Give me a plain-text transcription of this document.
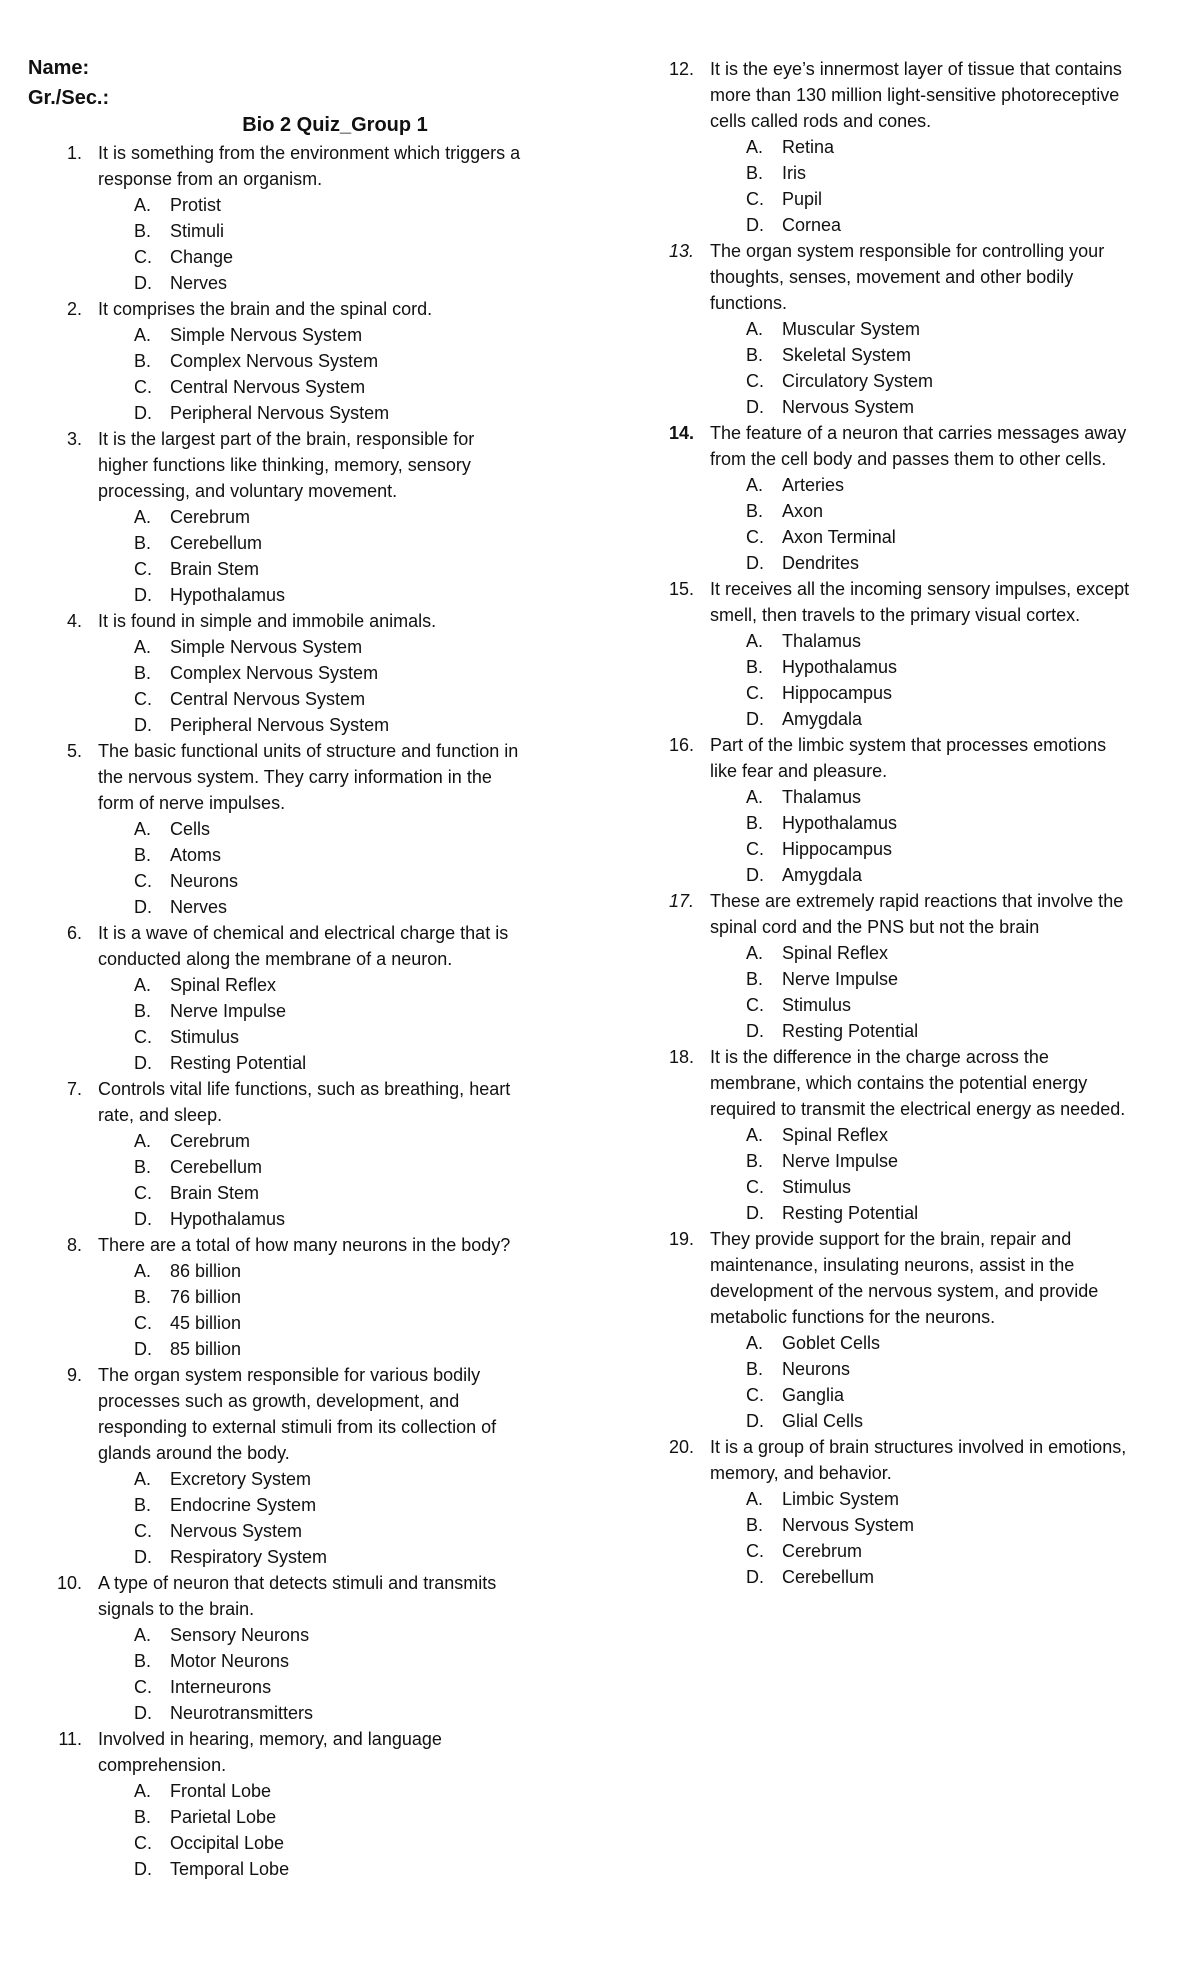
Name:
Gr./Sec.:
Bio 2 Quiz_Group 1
1. It is something from the environment which triggers a
response from an organism.
A. Protist
B. Stimuli
C. Change
D. Nerves
2. It comprises the brain and the spinal cord.
A. Simple Nervous System
B. Complex Nervous System
C. Central Nervous System
D. Peripheral Nervous System
3. It is the largest part of the brain, responsible for
higher functions like thinking, memory, sensory
processing, and voluntary movement.
A. Cerebrum
B. Cerebellum
C. Brain Stem
D. Hypothalamus
4. It is found in simple and immobile animals.
A. Simple Nervous System
B. Complex Nervous System
C. Central Nervous System
D. Peripheral Nervous System
5. The basic functional units of structure and function in
the nervous system. They carry information in the
form of nerve impulses.
A. Cells
B. Atoms
C. Neurons
D. Nerves
6. It is a wave of chemical and electrical charge that is
conducted along the membrane of a neuron.
A. Spinal Reflex
B. Nerve Impulse
C. Stimulus
D. Resting Potential
7. Controls vital life functions, such as breathing, heart
rate, and sleep.
A. Cerebrum
B. Cerebellum
C. Brain Stem
D. Hypothalamus
8. There are a total of how many neurons in the body?
A. 86 billion
B. 76 billion
C. 45 billion
D. 85 billion
9. The organ system responsible for various bodily
processes such as growth, development, and
responding to external stimuli from its collection of
glands around the body.
A. Excretory System
B. Endocrine System
C. Nervous System
D. Respiratory System
10. A type of neuron that detects stimuli and transmits
signals to the brain.
A. Sensory Neurons
B. Motor Neurons
C. Interneurons
D. Neurotransmitters
11. Involved in hearing, memory, and language
comprehension.
A. Frontal Lobe
B. Parietal Lobe
C. Occipital Lobe
D. Temporal Lobe
12. It is the eye’s innermost layer of tissue that contains
more than 130 million light-sensitive photoreceptive
cells called rods and cones.
A. Retina
B. Iris
C. Pupil
D. Cornea
13. The organ system responsible for controlling your
thoughts, senses, movement and other bodily
functions.
A. Muscular System
B. Skeletal System
C. Circulatory System
D. Nervous System
14. The feature of a neuron that carries messages away
from the cell body and passes them to other cells.
A. Arteries
B. Axon
C. Axon Terminal
D. Dendrites
15. It receives all the incoming sensory impulses, except
smell, then travels to the primary visual cortex.
A. Thalamus
B. Hypothalamus
C. Hippocampus
D. Amygdala
16. Part of the limbic system that processes emotions
like fear and pleasure.
A. Thalamus
B. Hypothalamus
C. Hippocampus
D. Amygdala
17. These are extremely rapid reactions that involve the
spinal cord and the PNS but not the brain
A. Spinal Reflex
B. Nerve Impulse
C. Stimulus
D. Resting Potential
18. It is the difference in the charge across the
membrane, which contains the potential energy
required to transmit the electrical energy as needed.
A. Spinal Reflex
B. Nerve Impulse
C. Stimulus
D. Resting Potential
19. They provide support for the brain, repair and
maintenance, insulating neurons, assist in the
development of the nervous system, and provide
metabolic functions for the neurons.
A. Goblet Cells
B. Neurons
C. Ganglia
D. Glial Cells
20. It is a group of brain structures involved in emotions,
memory, and behavior.
A. Limbic System
B. Nervous System
C. Cerebrum
D. Cerebellum
